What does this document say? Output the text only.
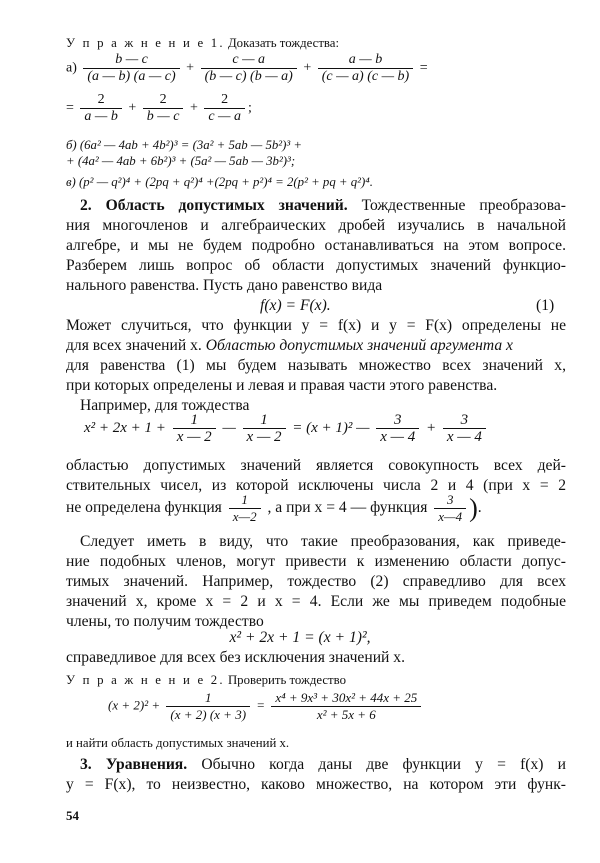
У п р а ж н е н и е 1. Доказать тождества:
$а) \frac{b — c}{(a — b) (a — c)} + \frac{c — a}{(b — c) (b — a)} + \frac{a — b}{(c — a) (c — b)}$ =
= $\frac{2}{a — b} + \frac{2}{b — c} + \frac{2}{c — a}$ ;
б) (6a² — 4ab + 4b²)³ = (3a² + 5ab — 5b²)³ +
+ (4a² — 4ab + 6b²)³ + (5a² — 5ab — 3b²)³;
в) (p² — q²)⁴ + (2pq + q²)⁴ +(2pq + p²)⁴ = 2(p² + pq + q²)⁴.
2. Область допустимых значений. Тождественные преобразова-
ния многочленов и алгебраических дробей изучались в начальной
алгебре, и мы не будем подробно останавливаться на этом вопросе.
Разберем лишь вопрос об области допустимых значений функцио-
нального равенства. Пусть дано равенство вида
f(x) = F(x).	(1)
Может случиться, что функции y = f(x) и y = F(x) определены не
для всех значений x. Областью допустимых значений аргумента x
для равенства (1) мы будем называть множество всех значений x,
при которых определены и левая и правая части этого равенства.
Например, для тождества
$x^2 + 2x + 1 + \frac{1}{x — 2}$ — $\frac{1}{x — 2} = (x + 1)^2$ — $\frac{3}{x — 4} + \frac{3}{x — 4}$
областью допустимых значений является совокупность всех дей-
ствительных чисел, из которой исключены числа 2 и 4 (при x = 2
не определена функция $\frac{1}{x—2}$ , а при x = 4 — функция $\frac{3}{x—4}$ ).
Следует иметь в виду, что такие преобразования, как приведе-
ние подобных членов, могут привести к изменению области допус-
тимых значений. Например, тождество (2) справедливо для всех
значений x, кроме x = 2 и x = 4. Если же мы приведем подобные
члены, то получим тождество
x² + 2x + 1 = (x + 1)²,
справедливое для всех без исключения значений x.
У п р а ж н е н и е 2. Проверить тождество
$(x + 2)^2 + \frac{1}{(x + 2) (x + 3)} = \frac{\text{x⁴ + 9x³ + 30x² + 44x + 25}}{\text{x² + 5x + 6}}$
и найти область допустимых значений x.
3. Уравнения. Обычно когда даны две функции y = f(x) и
y = F(x), то неизвестно, каково множество, на котором эти функ-
54
